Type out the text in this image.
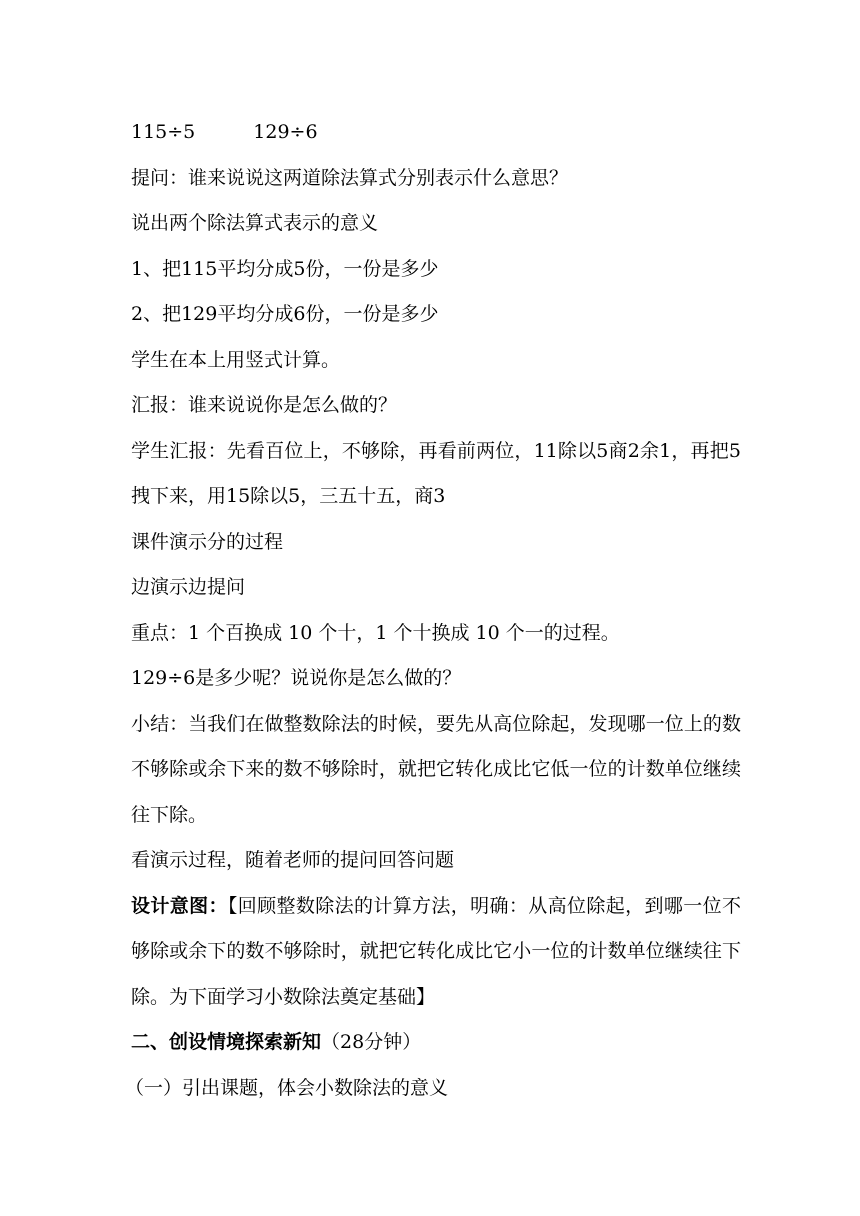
115÷5	129÷6
提问：谁来说说这两道除法算式分别表示什么意思？
说出两个除法算式表示的意义
1、把115平均分成5份，一份是多少
2、把129平均分成6份，一份是多少
学生在本上用竖式计算。
汇报：谁来说说你是怎么做的？
学生汇报：先看百位上，不够除，再看前两位，11除以5商2余1，再把5拽下来，用15除以5，三五十五，商3
课件演示分的过程
边演示边提问
重点：1 个百换成 10 个十，1 个十换成 10 个一的过程。
129÷6是多少呢？说说你是怎么做的？
小结：当我们在做整数除法的时候，要先从高位除起，发现哪一位上的数不够除或余下来的数不够除时，就把它转化成比它低一位的计数单位继续往下除。
看演示过程，随着老师的提问回答问题
设计意图：【回顾整数除法的计算方法，明确：从高位除起，到哪一位不够除或余下的数不够除时，就把它转化成比它小一位的计数单位继续往下除。为下面学习小数除法奠定基础】
二、创设情境探索新知（28分钟）
（一）引出课题，体会小数除法的意义
